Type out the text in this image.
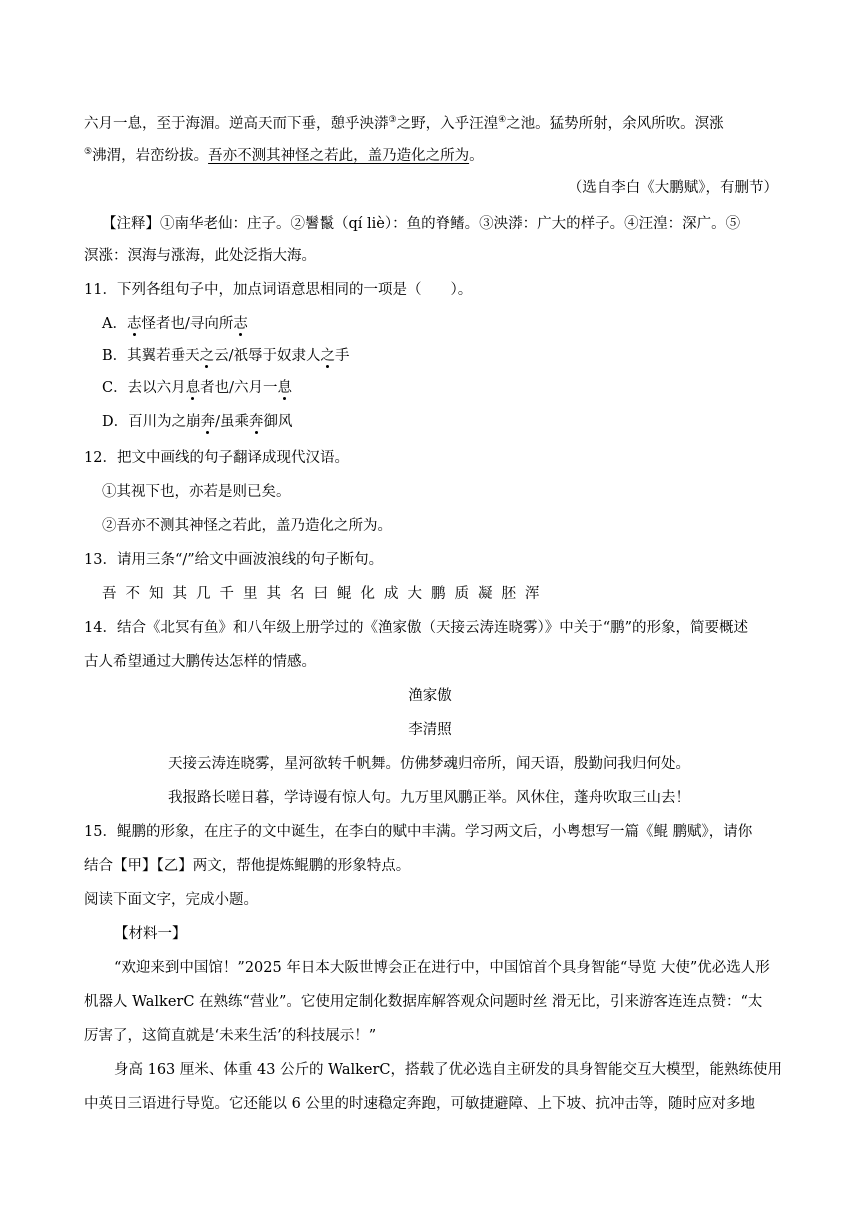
六月一息，至于海湄。逆高天而下垂，憩乎泱漭③之野，入乎汪湟④之池。猛势所射，余风所吹。溟涨
⑤沸渭，岩峦纷拔。吾亦不测其神怪之若此，盖乃造化之所为。
（选自李白《大鹏赋》，有删节）
【注释】①南华老仙：庄子。②鬐鬣（qí liè）：鱼的脊鳍。③泱漭：广大的样子。④汪湟：深广。⑤
溟涨：溟海与涨海，此处泛指大海。
11．下列各组句子中，加点词语意思相同的一项是（　　）。
A．志怪者也/寻向所志
B．其翼若垂天之云/祇辱于奴隶人之手
C．去以六月息者也/六月一息
D．百川为之崩奔/虽乘奔御风
12．把文中画线的句子翻译成现代汉语。
①其视下也，亦若是则已矣。
②吾亦不测其神怪之若此，盖乃造化之所为。
13．请用三条“/”给文中画波浪线的句子断句。
吾不知其几千里其名曰鲲化成大鹏质凝胚浑
14．结合《北冥有鱼》和八年级上册学过的《渔家傲（天接云涛连晓雾）》中关于“鹏”的形象，简要概述
古人希望通过大鹏传达怎样的情感。
渔家傲
李清照
天接云涛连晓雾，星河欲转千帆舞。仿佛梦魂归帝所，闻天语，殷勤问我归何处。
我报路长嗟日暮，学诗谩有惊人句。九万里风鹏正举。风休住，蓬舟吹取三山去！
15．鲲鹏的形象，在庄子的文中诞生，在李白的赋中丰满。学习两文后，小粤想写一篇《鲲 鹏赋》，请你
结合【甲】【乙】两文，帮他提炼鲲鹏的形象特点。
阅读下面文字，完成小题。
【材料一】
“欢迎来到中国馆！”2025 年日本大阪世博会正在进行中，中国馆首个具身智能“导览 大使”优必选人形
机器人 WalkerC 在熟练“营业”。它使用定制化数据库解答观众问题时丝 滑无比，引来游客连连点赞：“太
厉害了，这简直就是‘未来生活’的科技展示！”
身高 163 厘米、体重 43 公斤的 WalkerC，搭载了优必选自主研发的具身智能交互大模型，能熟练使用
中英日三语进行导览。它还能以 6 公里的时速稳定奔跑，可敏捷避障、上下坡、抗冲击等，随时应对多地
